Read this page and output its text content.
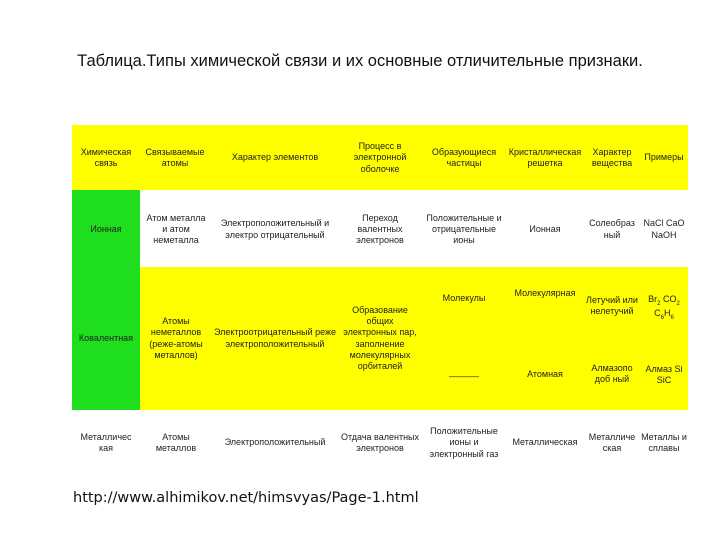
Таблица.Типы химической связи и их основные отличительные признаки.
Химическая связь
Связываемые атомы
Характер элементов
Процесс в электронной оболочке
Образующиеся частицы
Кристаллическая решетка
Характер вещества
Примеры
Ионная
Атом металла и атом неметалла
Электроположительный и электро отрицательный
Переход валентных электронов
Положительные и отрицательные ионы
Ионная
Солеобраз ный
NaCl CaO
NaOH
Ковалентная
Атомы неметаллов (реже-атомы металлов)
Электроотрицательный реже электроположительный
Образование общих электронных пар, заполнение молекулярных орбиталей
Молекулы	Молекулярная
Летучий или нелетучий
$Br_2$ $CO_2$
$C_6H_6$
______	Атомная
Алмазопо доб ный
Алмаз Si SiC
Металличес кая
Атомы металлов
Электроположительный
Отдача валентных электронов
Положительные ионы и электронный газ
Металлическая
Металличе ская
Металлы и сплавы
http://www.alhimikov.net/himsvyas/Page-1.html
